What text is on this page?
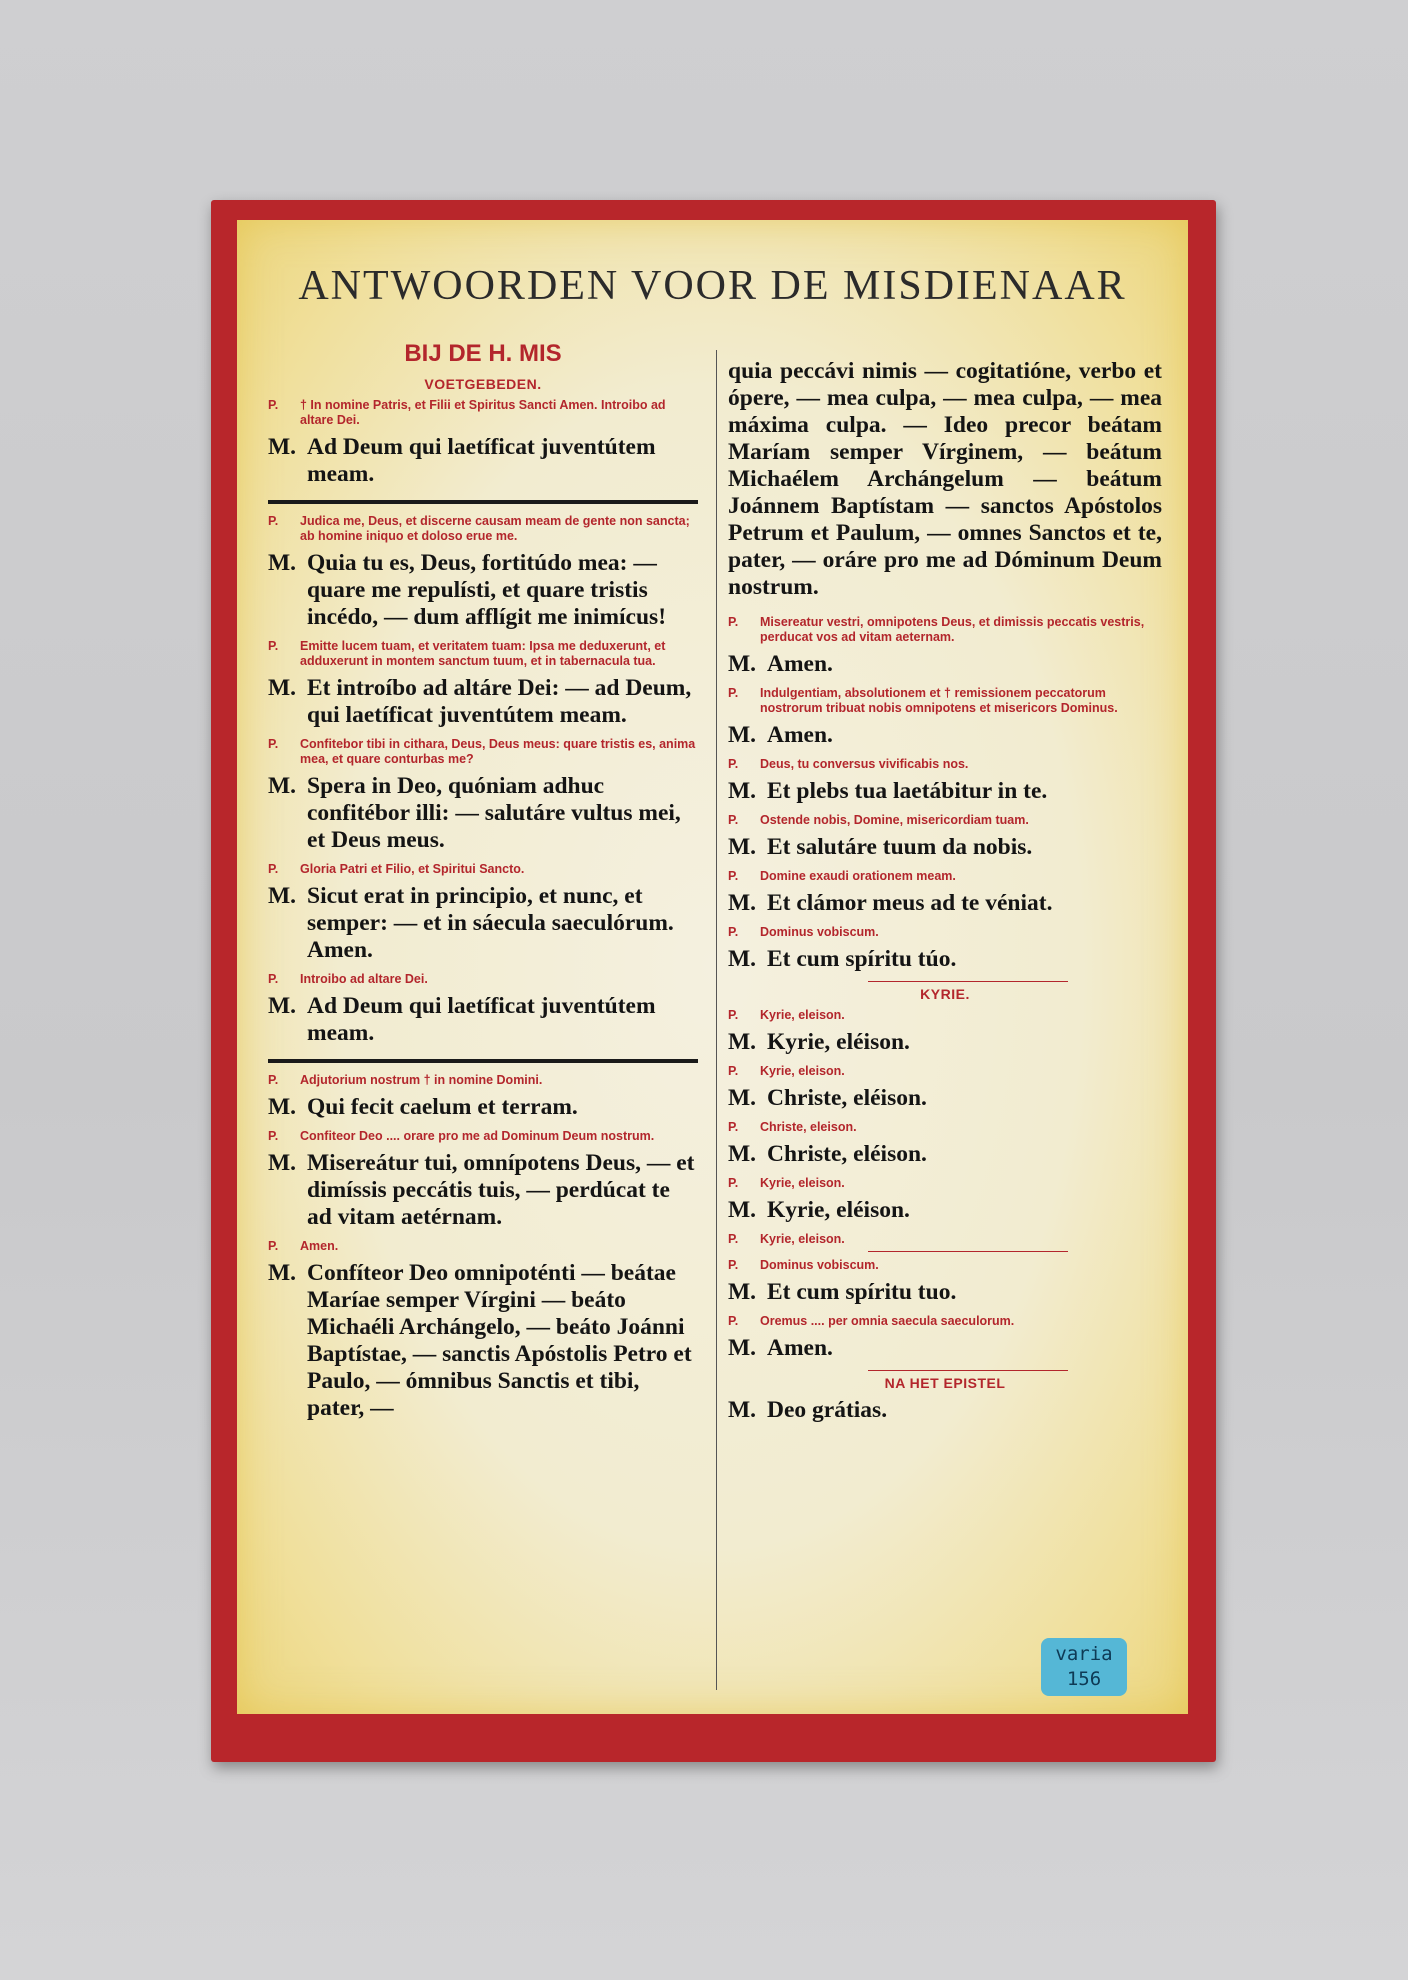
ANTWOORDEN VOOR DE MISDIENAAR
BIJ DE H. MIS
VOETGEBEDEN.
P.	† In nomine Patris, et Filii et Spiritus Sancti Amen. Introibo ad altare Dei.
M. Ad Deum qui laetíficat juventútem meam.
P.	Judica me, Deus, et discerne causam meam de gente non sancta; ab homine iniquo et doloso erue me.
M. Quia tu es, Deus, fortitúdo mea: — quare me repulísti, et quare tristis incédo, — dum afflígit me inimícus!
P.	Emitte lucem tuam, et veritatem tuam: Ipsa me deduxerunt, et adduxerunt in montem sanctum tuum, et in tabernacula tua.
M. Et introíbo ad altáre Dei: — ad Deum, qui laetíficat juventútem meam.
P.	Confitebor tibi in cithara, Deus, Deus meus: quare tristis es, anima mea, et quare conturbas me?
M. Spera in Deo, quóniam adhuc confitébor illi: — salutáre vultus mei, et Deus meus.
P.	Gloria Patri et Filio, et Spiritui Sancto.
M. Sicut erat in principio, et nunc, et semper: — et in sáecula saeculórum. Amen.
P.	Introibo ad altare Dei.
M. Ad Deum qui laetíficat juventútem meam.
P.	Adjutorium nostrum † in nomine Domini.
M. Qui fecit caelum et terram.
P.	Confiteor Deo .... orare pro me ad Dominum Deum nostrum.
M. Misereátur tui, omnípotens Deus, — et dimíssis peccátis tuis, — perdúcat te ad vitam aetérnam.
P.	Amen.
M. Confíteor Deo omnipoténti — beátae Maríae semper Vírgini — beáto Michaéli Archángelo, — beáto Joánni Baptístae, — sanctis Apóstolis Petro et Paulo, — ómnibus Sanctis et tibi, pater, —
quia peccávi nimis — cogitatióne, verbo et ópere, — mea culpa, — mea culpa, — mea máxima culpa. — Ideo precor beátam Maríam semper Vírginem, — beátum Michaélem Archángelum — beátum Joánnem Baptístam — sanctos Apóstolos Petrum et Paulum, — omnes Sanctos et te, pater, — oráre pro me ad Dóminum Deum nostrum.
P.	Misereatur vestri, omnipotens Deus, et dimissis peccatis vestris, perducat vos ad vitam aeternam.
M. Amen.
P.	Indulgentiam, absolutionem et † remissionem peccatorum nostrorum tribuat nobis omnipotens et misericors Dominus.
M. Amen.
P.	Deus, tu conversus vivificabis nos.
M. Et plebs tua laetábitur in te.
P.	Ostende nobis, Domine, misericordiam tuam.
M. Et salutáre tuum da nobis.
P.	Domine exaudi orationem meam.
M. Et clámor meus ad te véniat.
P.	Dominus vobiscum.
M. Et cum spíritu túo.
KYRIE.
P.	Kyrie, eleison.
M. Kyrie, eléison.
P.	Kyrie, eleison.
M. Christe, eléison.
P.	Christe, eleison.
M. Christe, eléison.
P.	Kyrie, eleison.
M. Kyrie, eléison.
P.	Kyrie, eleison.
P.	Dominus vobiscum.
M. Et cum spíritu tuo.
P.	Oremus .... per omnia saecula saeculorum.
M. Amen.
NA HET EPISTEL
M. Deo grátias.
varia
156
